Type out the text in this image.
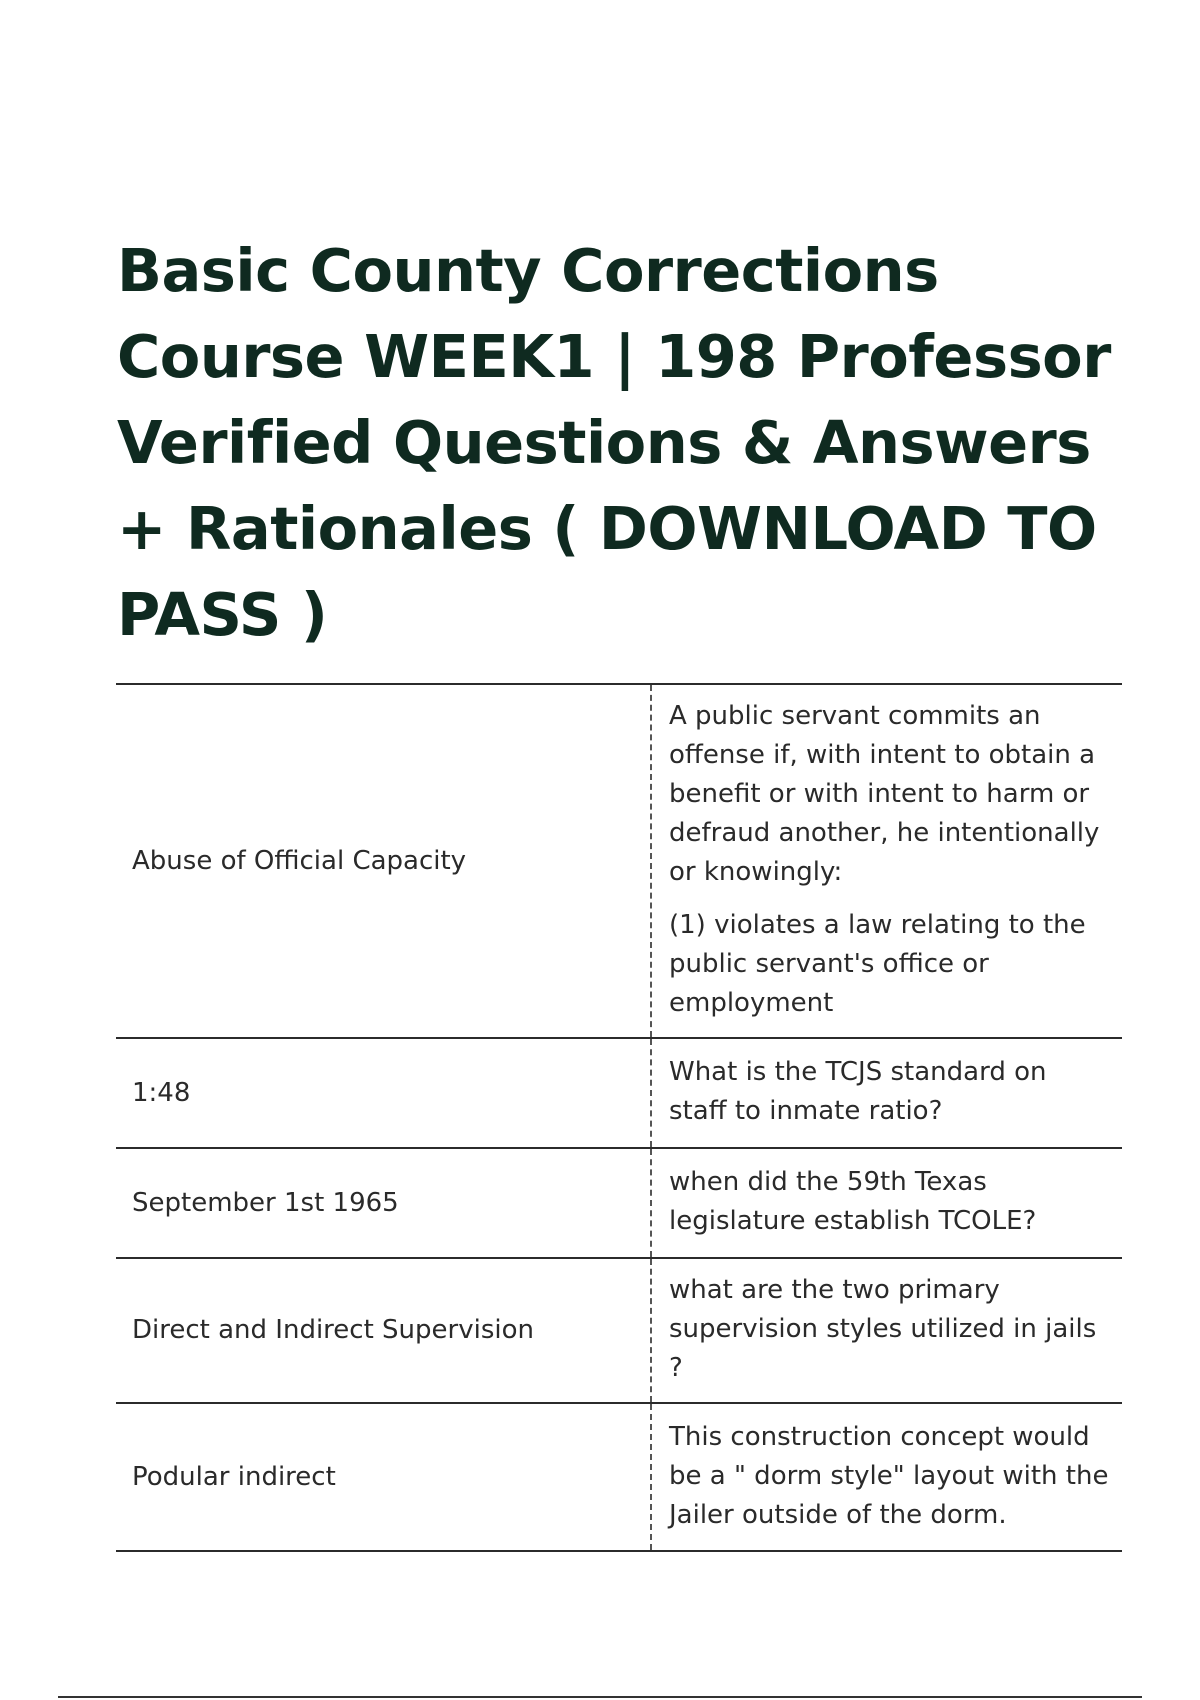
Basic County Corrections Course WEEK1 | 198 Professor Verified Questions & Answers + Rationales ( DOWNLOAD TO PASS )
Abuse of Official Capacity	A public servant commits an offense if, with intent to obtain a benefit or with intent to harm or defraud another, he intentionally or knowingly:

(1) violates a law relating to the public servant's office or employment

1:48	What is the TCJS standard on staff to inmate ratio?

September 1st 1965	when did the 59th Texas legislature establish TCOLE?

Direct and Indirect Supervision	what are the two primary supervision styles utilized in jails ?

Podular indirect	This construction concept would be a " dorm style" layout with the Jailer outside of the dorm.
